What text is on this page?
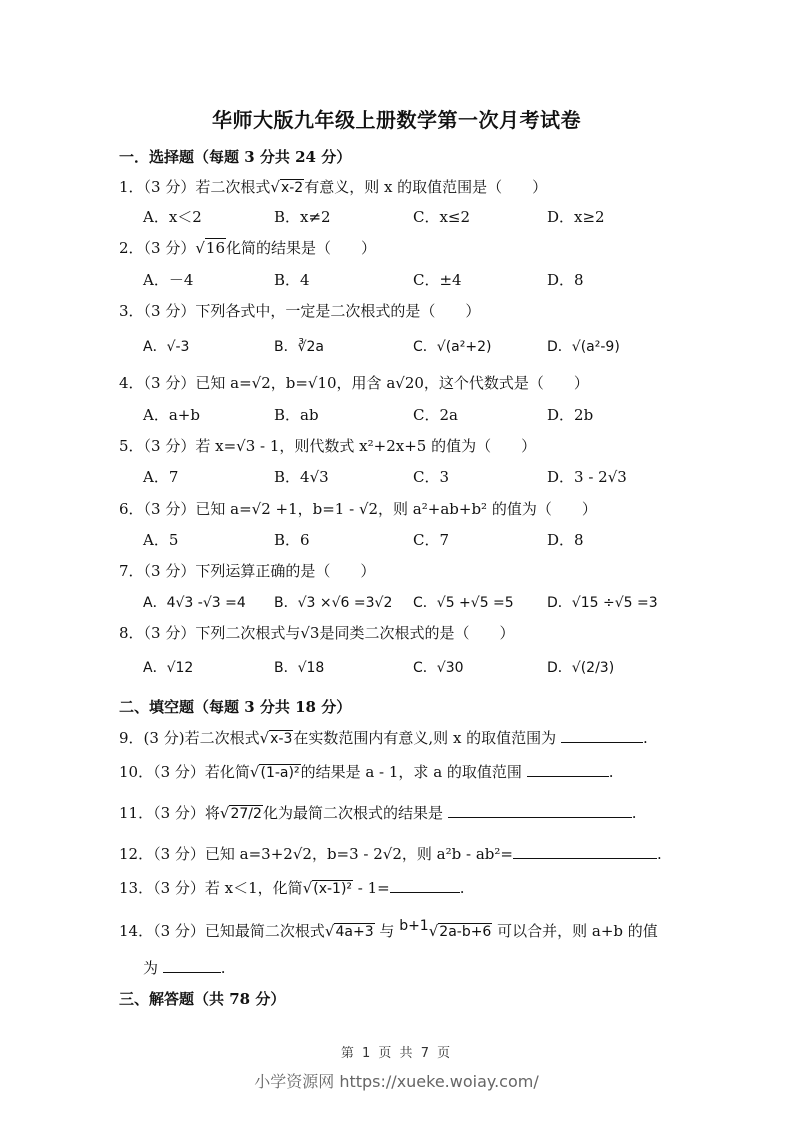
华师大版九年级上册数学第一次月考试卷
一．选择题（每题 3 分共 24 分）
1．（3 分）若二次根式√x-2有意义，则 x 的取值范围是（　　）
A．x＜2	B．x≠2	C．x≤2	D．x≥2
2．（3 分）√16化简的结果是（　　）
A．－4	B．4	C．±4	D．8
3．（3 分）下列各式中，一定是二次根式的是（　　）
A．√-3	B．∛2a	C．√(a²+2)	D．√(a²-9)
4．（3 分）已知 a=√2，b=√10，用含 a√20，这个代数式是（　　）
A．a+b	B．ab	C．2a	D．2b
5．（3 分）若 x=√3 - 1，则代数式 x²+2x+5 的值为（　　）
A．7	B．4√3	C．3	D．3 - 2√3
6．（3 分）已知 a=√2 +1，b=1 - √2，则 a²+ab+b² 的值为（　　）
A．5	B．6	C．7	D．8
7．（3 分）下列运算正确的是（　　）
A．4√3 -√3 =4 B．√3 ×√6 =3√2 C．√5 +√5 =5 D．√15 ÷√5 =3
8．（3 分）下列二次根式与√3是同类二次根式的是（　　）
A．√12	B．√18	C．√30	D．√(2/3)
二、填空题（每题 3 分共 18 分）
9．(3 分)若二次根式√x-3在实数范围内有意义,则 x 的取值范围为	.
10．（3 分）若化简√(1-a)²的结果是 a - 1，求 a 的取值范围	.
11．（3 分）将√27/2化为最简二次根式的结果是	.
12．（3 分）已知 a=3+2√2，b=3 - 2√2，则 a²b - ab²=	.
13．（3 分）若 x＜1，化简√(x-1)² - 1=	.
14．（3 分）已知最简二次根式√4a+3 与 $^{b+1}$√2a-b+6 可以合并，则 a+b 的值
为	.
三、解答题（共 78 分）
第 1 页 共 7 页
小学资源网 https://xueke.woiay.com/
